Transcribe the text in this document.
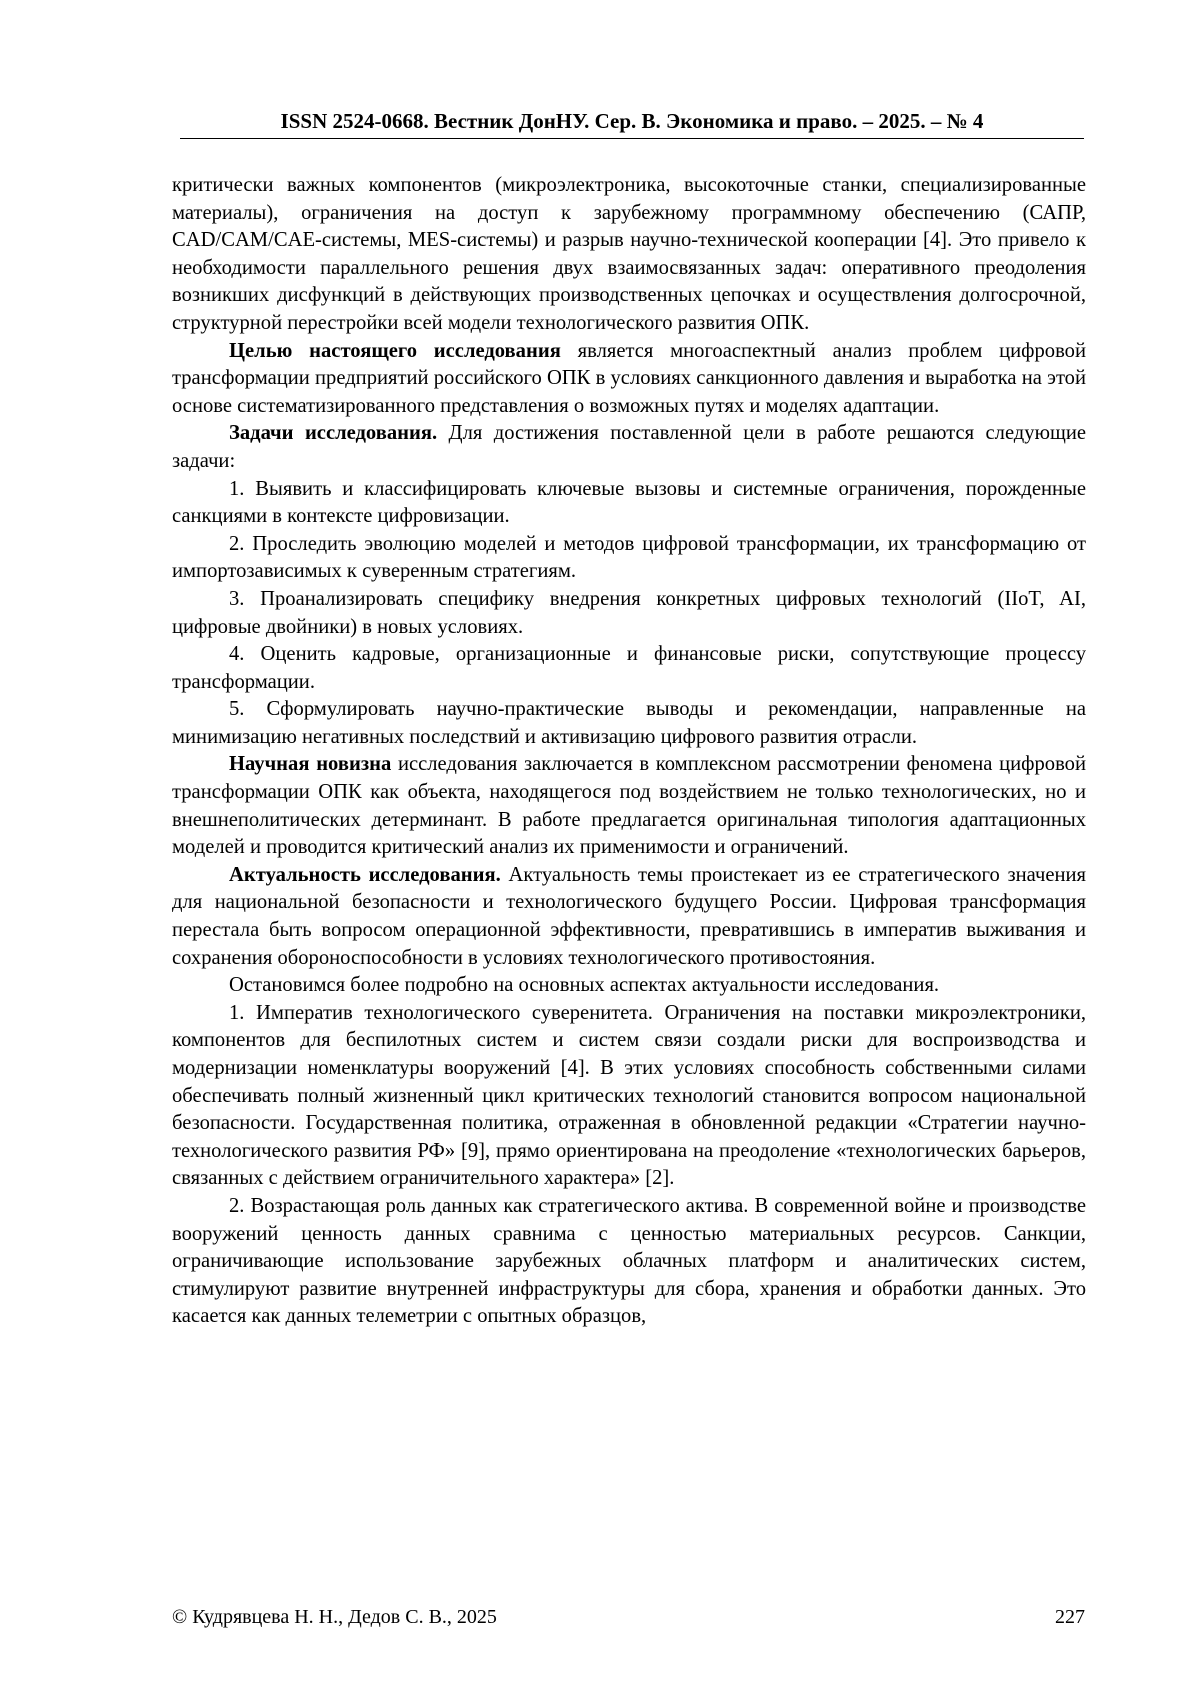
ISSN 2524-0668. Вестник ДонНУ. Сер. В. Экономика и право. – 2025. – № 4

критически важных компонентов (микроэлектроника, высокоточные станки, специализированные материалы), ограничения на доступ к зарубежному программному обеспечению (САПР, CAD/CAM/CAE-системы, MES-системы) и разрыв научно-технической кооперации [4]. Это привело к необходимости параллельного решения двух взаимосвязанных задач: оперативного преодоления возникших дисфункций в действующих производственных цепочках и осуществления долгосрочной, структурной перестройки всей модели технологического развития ОПК.

Целью настоящего исследования является многоаспектный анализ проблем цифровой трансформации предприятий российского ОПК в условиях санкционного давления и выработка на этой основе систематизированного представления о возможных путях и моделях адаптации.

Задачи исследования. Для достижения поставленной цели в работе решаются следующие задачи:

1. Выявить и классифицировать ключевые вызовы и системные ограничения, порожденные санкциями в контексте цифровизации.

2. Проследить эволюцию моделей и методов цифровой трансформации, их трансформацию от импортозависимых к суверенным стратегиям.

3. Проанализировать специфику внедрения конкретных цифровых технологий (IIoT, AI, цифровые двойники) в новых условиях.

4. Оценить кадровые, организационные и финансовые риски, сопутствующие процессу трансформации.

5. Сформулировать научно-практические выводы и рекомендации, направленные на минимизацию негативных последствий и активизацию цифрового развития отрасли.

Научная новизна исследования заключается в комплексном рассмотрении феномена цифровой трансформации ОПК как объекта, находящегося под воздействием не только технологических, но и внешнеполитических детерминант. В работе предлагается оригинальная типология адаптационных моделей и проводится критический анализ их применимости и ограничений.

Актуальность исследования. Актуальность темы проистекает из ее стратегического значения для национальной безопасности и технологического будущего России. Цифровая трансформация перестала быть вопросом операционной эффективности, превратившись в императив выживания и сохранения обороноспособности в условиях технологического противостояния.

Остановимся более подробно на основных аспектах актуальности исследования.

1. Императив технологического суверенитета. Ограничения на поставки микроэлектроники, компонентов для беспилотных систем и систем связи создали риски для воспроизводства и модернизации номенклатуры вооружений [4]. В этих условиях способность собственными силами обеспечивать полный жизненный цикл критических технологий становится вопросом национальной безопасности. Государственная политика, отраженная в обновленной редакции «Стратегии научно-технологического развития РФ» [9], прямо ориентирована на преодоление «технологических барьеров, связанных с действием ограничительного характера» [2].

2. Возрастающая роль данных как стратегического актива. В современной войне и производстве вооружений ценность данных сравнима с ценностью материальных ресурсов. Санкции, ограничивающие использование зарубежных облачных платформ и аналитических систем, стимулируют развитие внутренней инфраструктуры для сбора, хранения и обработки данных. Это касается как данных телеметрии с опытных образцов,

© Кудрявцева Н. Н., Дедов С. В., 2025	227
